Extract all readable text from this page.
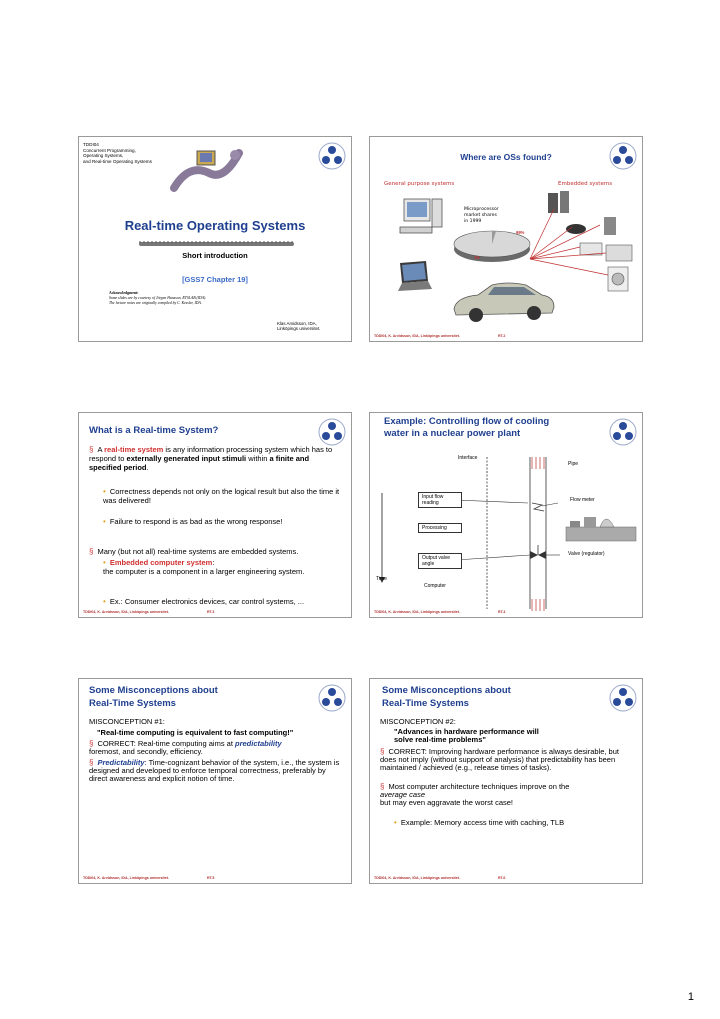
TDDI04
Concurrent Programming,
Operating Systems,
and Real-time Operating Systems
Real-time Operating Systems
Short introduction
[GSS7 Chapter 19]
Acknowledgment:
Some slides are by courtesy of Jörgen Hansson, RTSLAB (IDA).
The lecture notes are originally compiled by C. Kessler, IDA.
Klas Arvidsson, IDA,
Linköpings universitet.
Where are OSs found?
General purpose systems	Embedded systems
Microprocessor
market shares
in 1999
99%
1%
TDDI04, K. Arvidsson, IDA, Linköpings universitet.	RT.2
What is a Real-time System?
§ A real-time system is any information processing system which has to respond to externally generated input stimuli within a finite and specified period.
• Correctness depends not only on the logical result but also the time it was delivered!
• Failure to respond is as bad as the wrong response!
§ Many (but not all) real-time systems are embedded systems.
• Embedded computer system:
the computer is a component in a larger engineering system.
• Ex.: Consumer electronics devices, car control systems, ...
TDDI04, K. Arvidsson, IDA, Linköpings universitet.	RT.3
Example: Controlling flow of cooling
water in a nuclear power plant
Interface
Pipe
Input flow
reading	Flow meter
Processing
Output valve
angle
Valve (regulator)
Time
Computer
TDDI04, K. Arvidsson, IDA, Linköpings universitet.	RT.4
Some Misconceptions about
Real-Time Systems
MISCONCEPTION #1:
"Real-time computing is equivalent to fast computing!"
§ CORRECT: Real-time computing aims at predictability
foremost, and secondly, efficiency.
§ Predictability: Time-cognizant behavior of the system, i.e., the system is designed and developed to enforce temporal correctness, preferably by direct awareness and explicit notion of time.
TDDI04, K. Arvidsson, IDA, Linköpings universitet.	RT.5
Some Misconceptions about
Real-Time Systems
MISCONCEPTION #2:
"Advances in hardware performance will
solve real-time problems"
§ CORRECT: Improving hardware performance is always desirable, but does not imply (without support of analysis) that predictability has been maintained / achieved (e.g., release times of tasks).
§ Most computer architecture techniques improve on the
average case
but may even aggravate the worst case!
• Example: Memory access time with caching, TLB
TDDI04, K. Arvidsson, IDA, Linköpings universitet.	RT.6
1
